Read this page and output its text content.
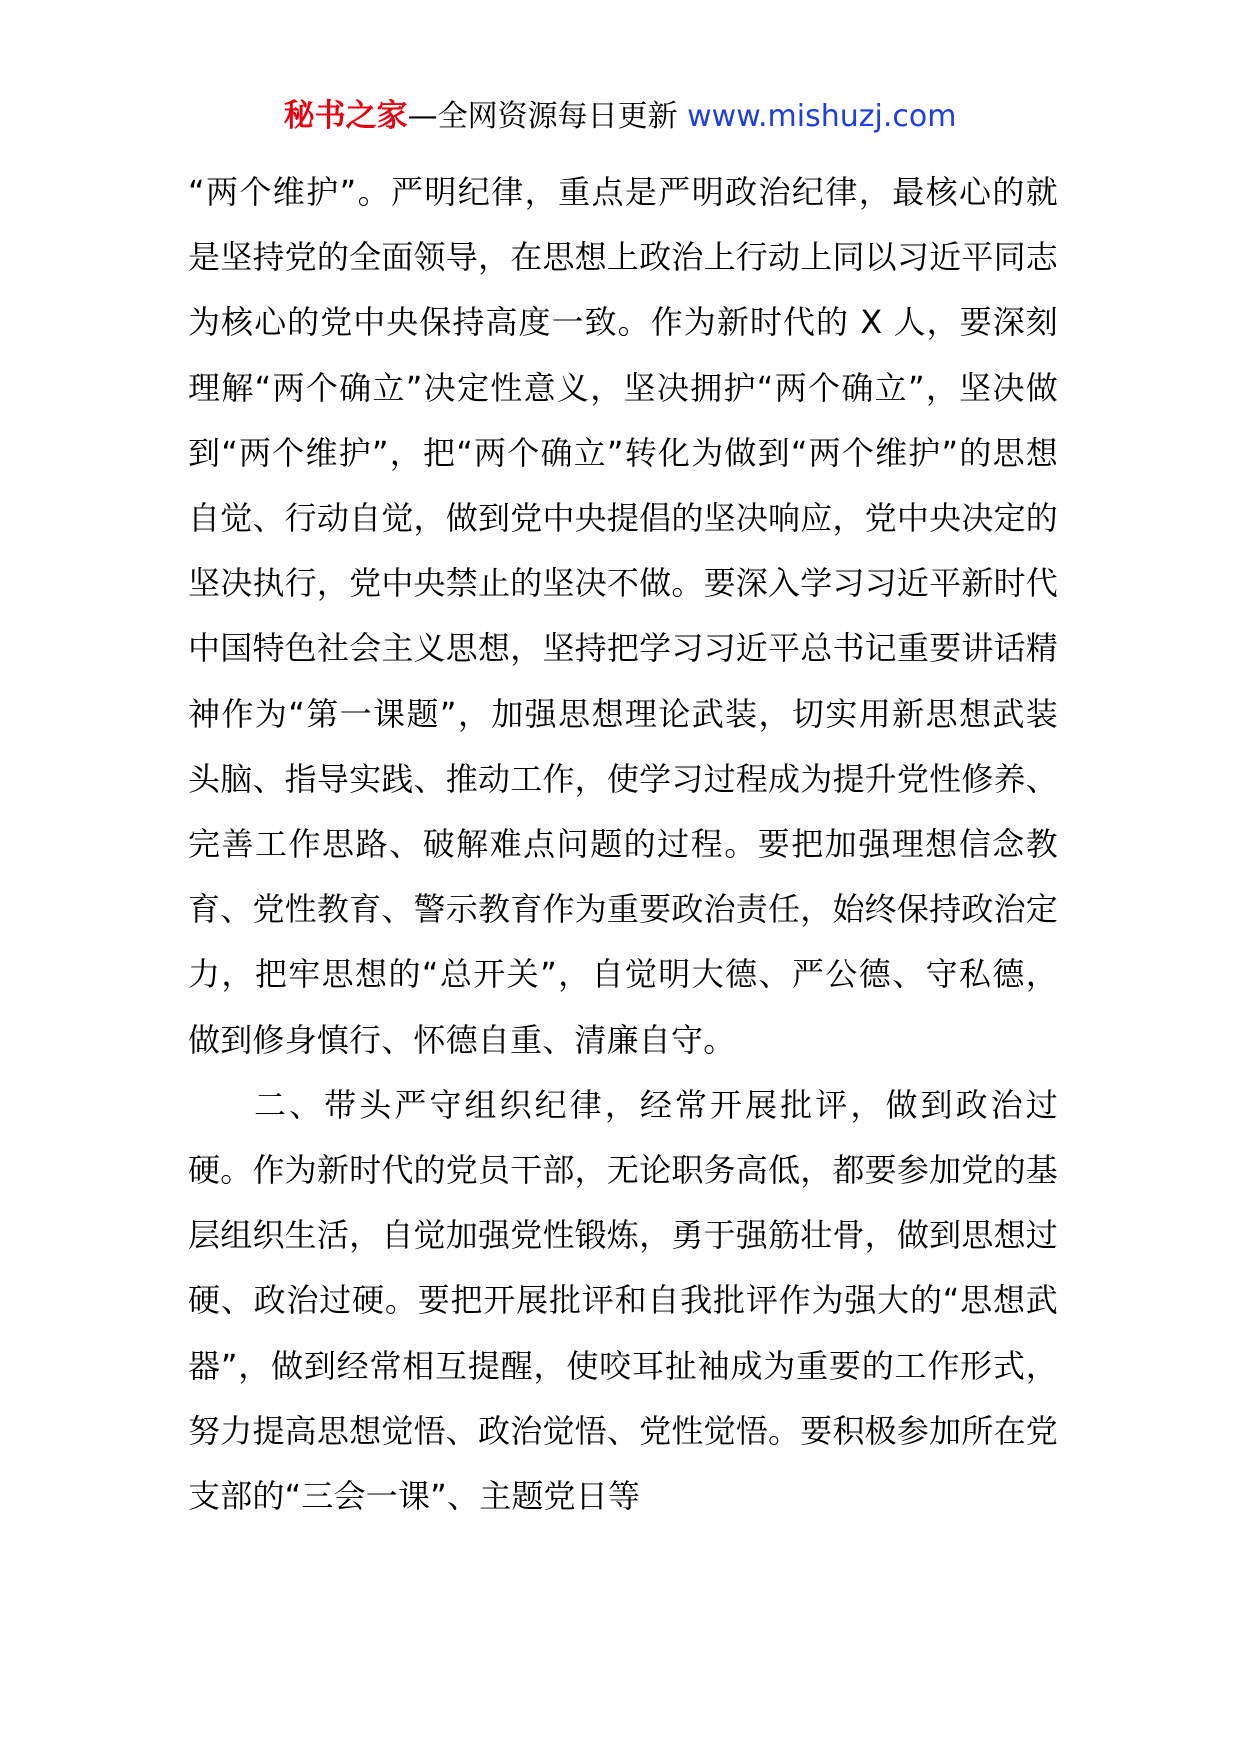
秘书之家—全网资源每日更新 www.mishuzj.com

“两个维护”。严明纪律，重点是严明政治纪律，最核心的就是坚持党的全面领导，在思想上政治上行动上同以习近平同志为核心的党中央保持高度一致。作为新时代的 X 人，要深刻理解“两个确立”决定性意义，坚决拥护“两个确立”，坚决做到“两个维护”，把“两个确立”转化为做到“两个维护”的思想自觉、行动自觉，做到党中央提倡的坚决响应，党中央决定的坚决执行，党中央禁止的坚决不做。要深入学习习近平新时代中国特色社会主义思想，坚持把学习习近平总书记重要讲话精神作为“第一课题”，加强思想理论武装，切实用新思想武装头脑、指导实践、推动工作，使学习过程成为提升党性修养、完善工作思路、破解难点问题的过程。要把加强理想信念教育、党性教育、警示教育作为重要政治责任，始终保持政治定力，把牢思想的“总开关”，自觉明大德、严公德、守私德，做到修身慎行、怀德自重、清廉自守。

二、带头严守组织纪律，经常开展批评，做到政治过硬。作为新时代的党员干部，无论职务高低，都要参加党的基层组织生活，自觉加强党性锻炼，勇于强筋壮骨，做到思想过硬、政治过硬。要把开展批评和自我批评作为强大的“思想武器”，做到经常相互提醒，使咬耳扯袖成为重要的工作形式，努力提高思想觉悟、政治觉悟、党性觉悟。要积极参加所在党支部的“三会一课”、主题党日等
